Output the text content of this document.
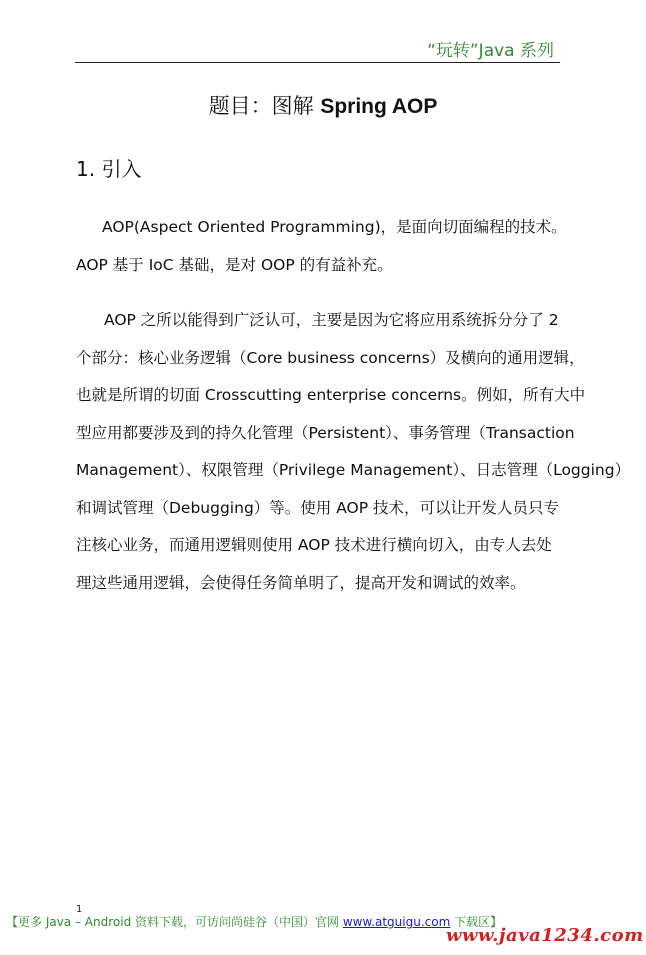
“玩转”Java 系列
题目：图解 Spring AOP
1. 引入

AOP(Aspect Oriented Programming)，是面向切面编程的技术。
AOP 基于 IoC 基础，是对 OOP 的有益补充。

AOP 之所以能得到广泛认可，主要是因为它将应用系统拆分分了 2
个部分：核心业务逻辑（Core business concerns）及横向的通用逻辑，
也就是所谓的切面 Crosscutting enterprise concerns。例如，所有大中
型应用都要涉及到的持久化管理（Persistent）、事务管理（Transaction
Management）、权限管理（Privilege Management）、日志管理（Logging）
和调试管理（Debugging）等。使用 AOP 技术，可以让开发人员只专
注核心业务，而通用逻辑则使用 AOP 技术进行横向切入，由专人去处
理这些通用逻辑，会使得任务简单明了，提高开发和调试的效率。

1
【更多 Java – Android 资料下载，可访问尚硅谷（中国）官网 www.atguigu.com 下载区】
www.java1234.com
